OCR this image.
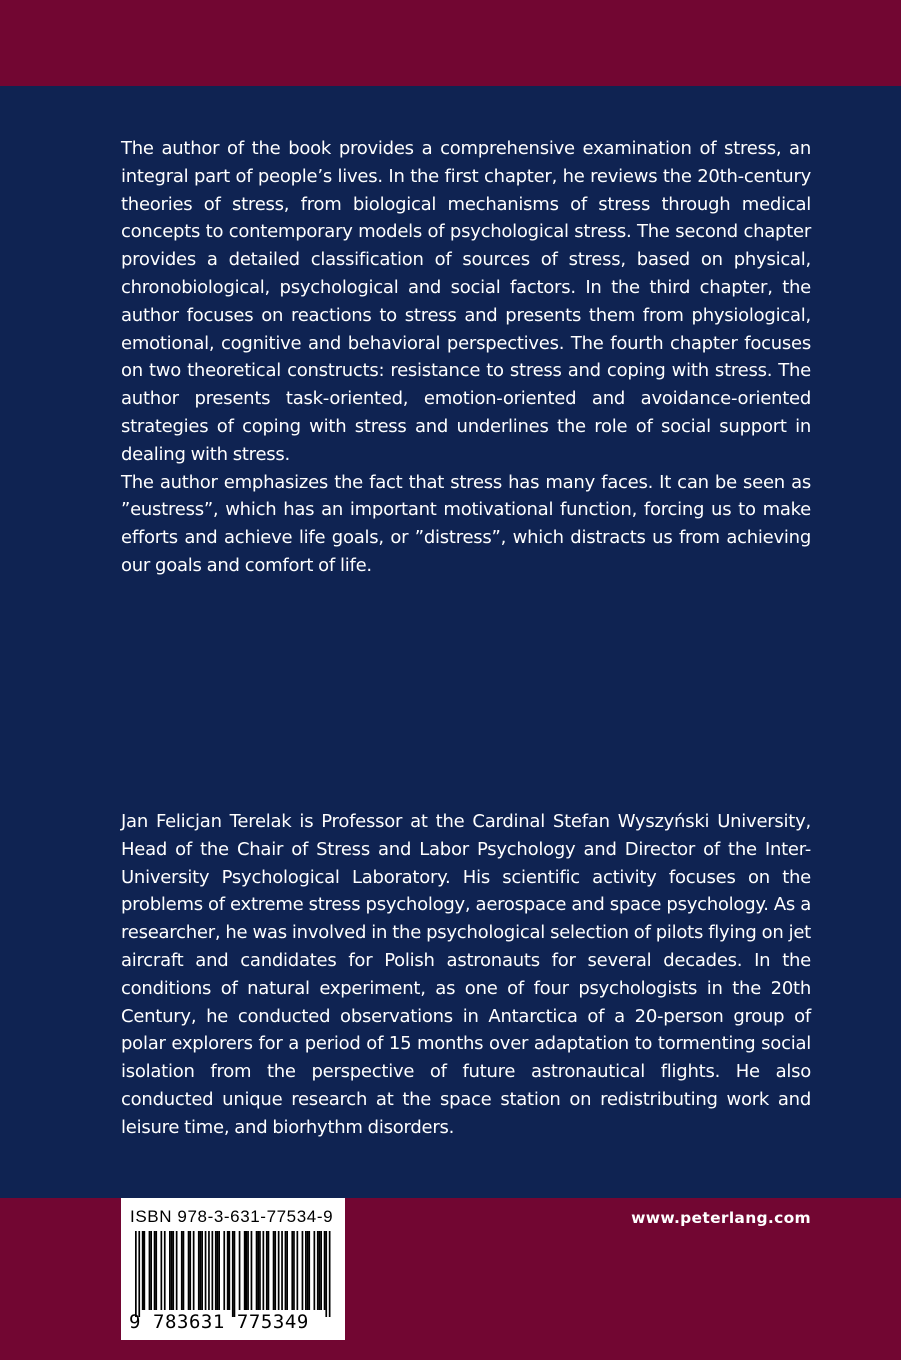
The author of the book provides a comprehensive examination of stress, an integral part of people’s lives. In the first chapter, he reviews the 20th-century theories of stress, from biological mechanisms of stress through medical concepts to contemporary models of psychological stress. The second chapter provides a detailed classification of sources of stress, based on physical, chronobiological, psychological and social factors. In the third chapter, the author focuses on reactions to stress and presents them from physiological, emotional, cognitive and behavioral perspectives. The fourth chapter focuses on two theoretical constructs: resistance to stress and coping with stress. The author presents task-oriented, emotion-oriented and avoidance-oriented strategies of coping with stress and underlines the role of social support in dealing with stress.

The author emphasizes the fact that stress has many faces. It can be seen as ”eustress”, which has an important motivational function, forcing us to make efforts and achieve life goals, or ”distress”, which distracts us from achieving our goals and comfort of life.

Jan Felicjan Terelak is Professor at the Cardinal Stefan Wyszyński University, Head of the Chair of Stress and Labor Psychology and Director of the Inter-University Psychological Laboratory. His scientific activity focuses on the problems of extreme stress psychology, aerospace and space psychology. As a researcher, he was involved in the psychological selection of pilots flying on jet aircraft and candidates for Polish astronauts for several decades. In the conditions of natural experiment, as one of four psychologists in the 20th Century, he conducted observations in Antarctica of a 20-person group of polar explorers for a period of 15 months over adaptation to tormenting social isolation from the perspective of future astronautical flights. He also conducted unique research at the space station on redistributing work and leisure time, and biorhythm disorders.

ISBN 978-3-631-77534-9
9 783631 775349
www.peterlang.com
